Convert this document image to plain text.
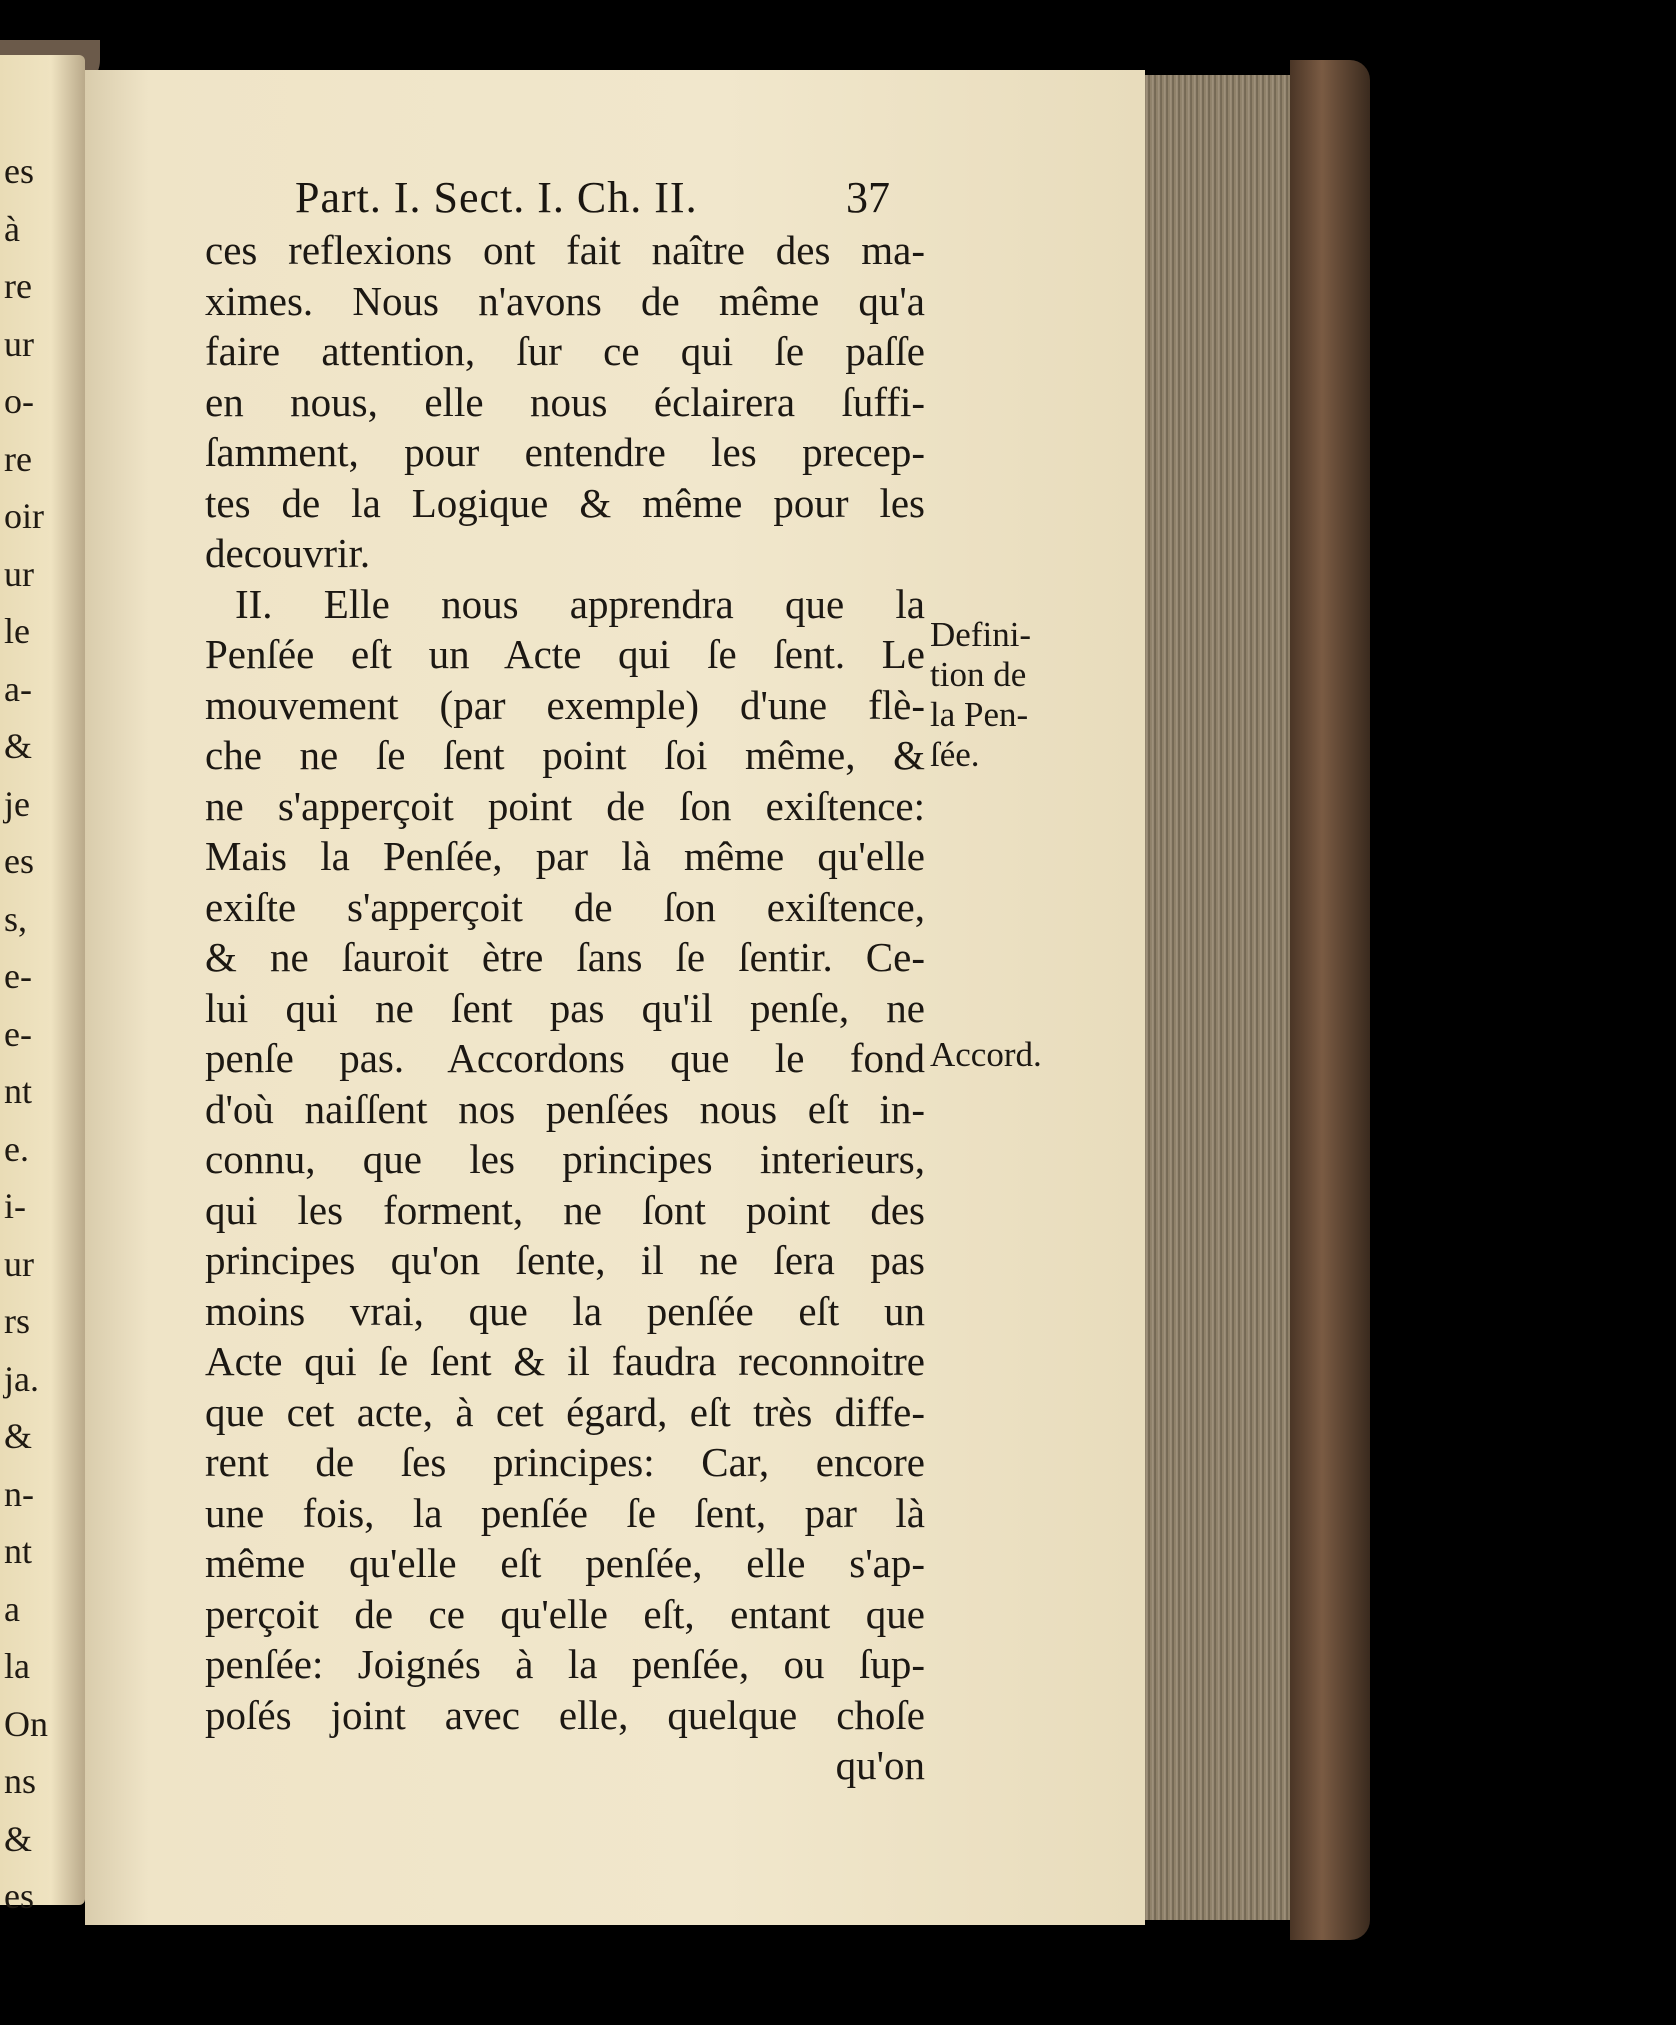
es
à
re
ur
o-
re
oir
ur
le
a-
&
je
es
s,
e-
e-
nt
e.
i-
ur
rs
ja.
&
n-
nt
a
la
On
ns
&
es
Part. I. Sect. I. Ch. II.	37
ces reflexions ont fait naître des ma-
ximes. Nous n'avons de même qu'a
faire attention, ſur ce qui ſe paſſe
en nous, elle nous éclairera ſuffi-
ſamment, pour entendre les precep-
tes de la Logique & même pour les
decouvrir.
II. Elle nous apprendra que la
Penſée eſt un Acte qui ſe ſent. Le
mouvement (par exemple) d'une flè-
che ne ſe ſent point ſoi même, &
ne s'apperçoit point de ſon exiſtence:
Mais la Penſée, par là même qu'elle
exiſte s'apperçoit de ſon exiſtence,
& ne ſauroit ètre ſans ſe ſentir. Ce-
lui qui ne ſent pas qu'il penſe, ne
penſe pas. Accordons que le fond
d'où naiſſent nos penſées nous eſt in-
connu, que les principes interieurs,
qui les forment, ne ſont point des
principes qu'on ſente, il ne ſera pas
moins vrai, que la penſée eſt un
Acte qui ſe ſent & il faudra reconnoitre
que cet acte, à cet égard, eſt très diffe-
rent de ſes principes: Car, encore
une fois, la penſée ſe ſent, par là
même qu'elle eſt penſée, elle s'ap-
perçoit de ce qu'elle eſt, entant que
penſée: Joignés à la penſée, ou ſup-
poſés joint avec elle, quelque choſe
qu'on
Defini-
tion de
la Pen-
ſée.
Accord.
